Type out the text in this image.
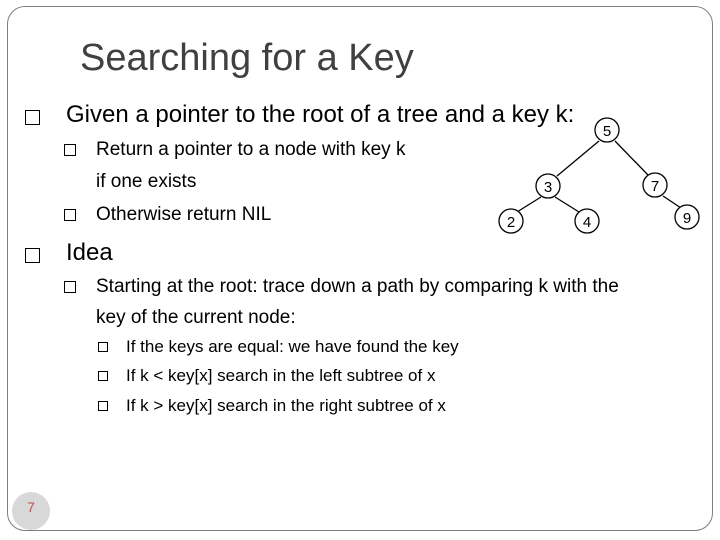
Searching for a Key
Given a pointer to the root of a tree and a key k:
Return a pointer to a node with key k
if one exists
Otherwise return NIL
Idea
Starting at the root: trace down a path by comparing k with the
key of the current node:
If the keys are equal: we have found the key
If k < key[x] search in the left subtree of x
If k > key[x] search in the right subtree of x
5
3	7
2	4	9
7
